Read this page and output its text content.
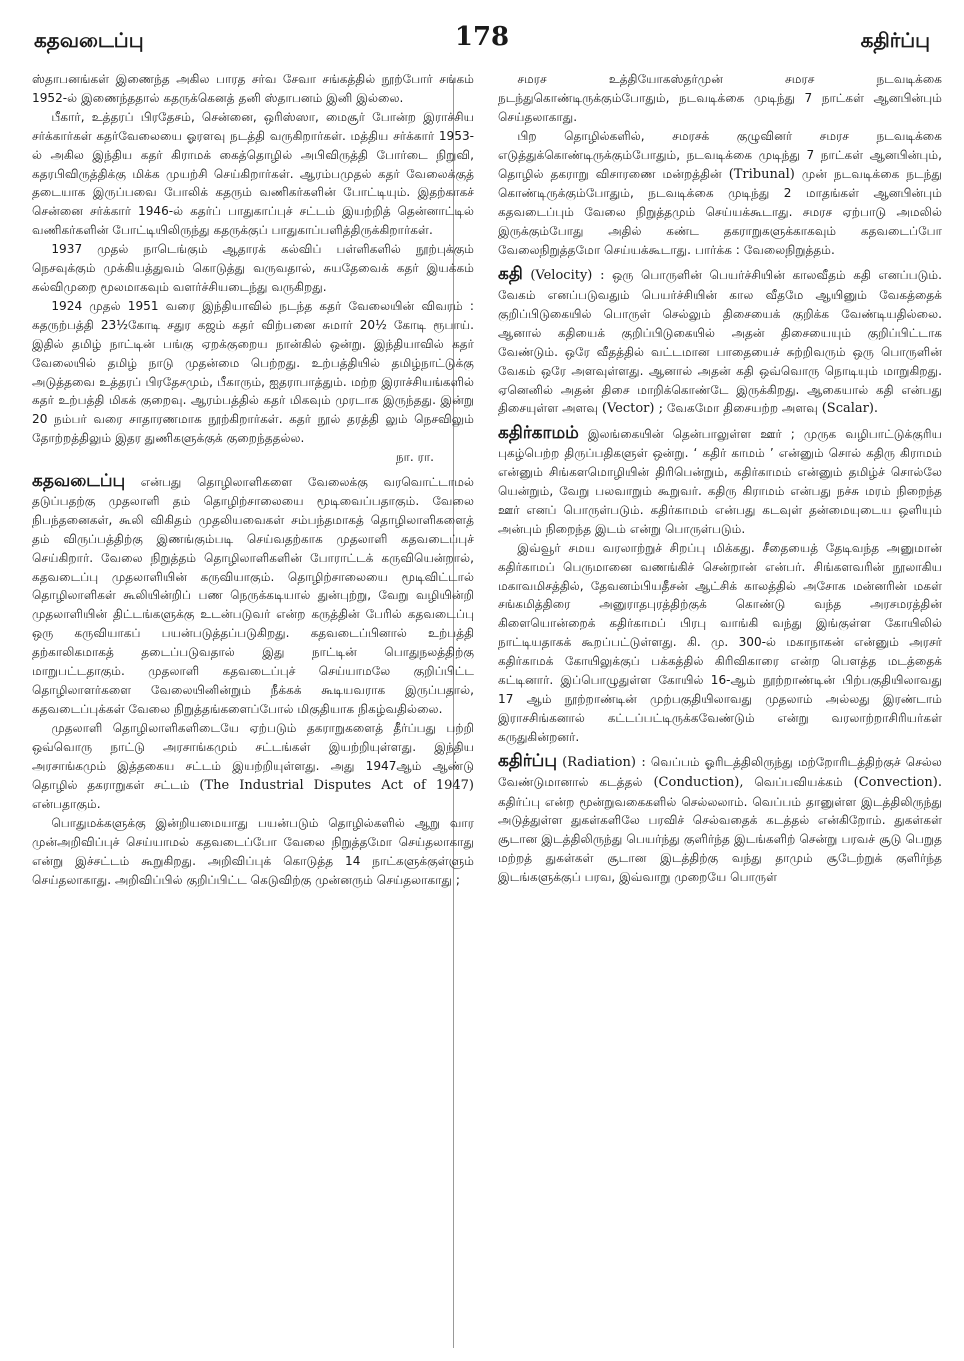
கதவடைப்பு	178	கதிர்ப்பு

ஸ்தாபனங்கள் இணைந்த அகில பாரத சர்வ சேவா சங்கத்தில் நூற்போர் சங்கம் 1952-ல் இணைந்ததால் கதருக்கெனத் தனி ஸ்தாபனம் இனி இல்லை.

பீகார், உத்தரப் பிரதேசம், சென்னை, ஒரிஸ்ஸா, மைசூர் போன்ற இராச்சிய சர்க்கார்கள் கதர்வேலையை ஓரளவு நடத்தி வருகிறார்கள். மத்திய சர்க்கார் 1953-ல் அகில இந்திய கதர் கிராமக் கைத்தொழில் அபிவிருத்தி போர்டை நிறுவி, கதரபிவிருத்திக்கு மிக்க முயற்சி செய்கிறார்கள். ஆரம்பமுதல் கதர் வேலைக்குத் தடையாக இருப்பவை போலிக் கதரும் வணிகர்களின் போட்டியும். இதற்காகச் சென்னை சர்க்கார் 1946-ல் கதர்ப் பாதுகாப்புச் சட்டம் இயற்றித் தென்னாட்டில் வணிகர்களின் போட்டியிலிருந்து கதருக்குப் பாதுகாப்பளித்திருக்கிறார்கள்.

1937 முதல் நாடெங்கும் ஆதாரக் கல்விப் பள்ளிகளில் நூற்புக்கும் நெசவுக்கும் முக்கியத்துவம் கொடுத்து வருவதால், சுயதேவைக் கதர் இயக்கம் கல்விமுறை மூலமாகவும் வளர்ச்சியடைந்து வருகிறது.

1924 முதல் 1951 வரை இந்தியாவில் நடந்த கதர் வேலையின் விவரம் : கதருற்பத்தி 23½கோடி சதுர கஜம் கதர் விற்பனை சுமார் 20½ கோடி ரூபாய். இதில் தமிழ் நாட்டின் பங்கு ஏறக்குறைய நான்கில் ஒன்று. இந்தியாவில் கதர் வேலையில் தமிழ் நாடு முதன்மை பெற்றது. உற்பத்தியில் தமிழ்நாட்டுக்கு அடுத்தவை உத்தரப் பிரதேசமும், பீகாரும், ஐதராபாத்தும். மற்ற இராச்சியங்களில் கதர் உற்பத்தி மிகக் குறைவு. ஆரம்பத்தில் கதர் மிகவும் முரடாக இருந்தது. இன்று 20 நம்பர் வரை சாதாரணமாக நூற்கிறார்கள். கதர் நூல் தரத்தி லும் நெசவிலும் தோற்றத்திலும் இதர துணிகளுக்குக் குறைந்ததல்ல.

நா. ரா.

கதவடைப்பு என்பது தொழிலாளிகளை வேலைக்கு வரவொட்டாமல் தடுப்பதற்கு முதலாளி தம் தொழிற்சாலையை மூடிவைப்பதாகும். வேலை நிபந்தனைகள், கூலி விகிதம் முதலியவைகள் சம்பந்தமாகத் தொழிலாளிகளைத் தம் விருப்பத்திற்கு இணங்கும்படி செய்வதற்காக முதலாளி கதவடைப்புச் செய்கிறார். வேலை நிறுத்தம் தொழிலாளிகளின் போராட்டக் கருவியென்றால், கதவடைப்பு முதலாளியின் கருவியாகும். தொழிற்சாலையை மூடிவிட்டால் தொழிலாளிகள் கூலியின்றிப் பண நெருக்கடியால் துன்புற்று, வேறு வழியின்றி முதலாளியின் திட்டங்களுக்கு உடன்படுவர் என்ற கருத்தின் பேரில் கதவடைப்பு ஒரு கருவியாகப் பயன்படுத்தப்படுகிறது. கதவடைப்பினால் உற்பத்தி தற்காலிகமாகத் தடைப்படுவதால் இது நாட்டின் பொதுநலத்திற்கு மாறுபட்டதாகும். முதலாளி கதவடைப்புச் செய்யாமலே குறிப்பிட்ட தொழிலாளர்களை வேலையினின்றும் நீக்கக் கூடியவராக இருப்பதால், கதவடைப்புக்கள் வேலை நிறுத்தங்களைப்போல் மிகுதியாக நிகழ்வதில்லை.

முதலாளி தொழிலாளிகளிடையே ஏற்படும் தகராறுகளைத் தீர்ப்பது பற்றி ஒவ்வொரு நாட்டு அரசாங்கமும் சட்டங்கள் இயற்றியுள்ளது. இந்திய அரசாங்கமும் இத்தகைய சட்டம் இயற்றியுள்ளது. அது 1947ஆம் ஆண்டு தொழில் தகராறுகள் சட்டம் (The Industrial Disputes Act of 1947) என்பதாகும்.

பொதுமக்களுக்கு இன்றியமையாது பயன்படும் தொழில்களில் ஆறு வார முன்அறிவிப்புச் செய்யாமல் கதவடைப்போ வேலை நிறுத்தமோ செய்தலாகாது என்று இச்சட்டம் கூறுகிறது. அறிவிப்புக் கொடுத்த 14 நாட்களுக்குள்ளும் செய்தலாகாது. அறிவிப்பில் குறிப்பிட்ட கெடுவிற்கு முன்னரும் செய்தலாகாது ;

சமரச உத்தியோகஸ்தர்முன் சமரச நடவடிக்கை நடந்துகொண்டிருக்கும்போதும், நடவடிக்கை முடிந்து 7 நாட்கள் ஆனபின்பும் செய்தலாகாது.

பிற தொழில்களில், சமரசக் குழுவினர் சமரச நடவடிக்கை எடுத்துக்கொண்டிருக்கும்போதும், நடவடிக்கை முடிந்து 7 நாட்கள் ஆனபின்பும், தொழில் தகராறு விசாரணை மன்றத்தின் (Tribunal) முன் நடவடிக்கை நடந்து கொண்டிருக்கும்போதும், நடவடிக்கை முடிந்து 2 மாதங்கள் ஆனபின்பும் கதவடைப்பும் வேலை நிறுத்தமும் செய்யக்கூடாது. சமரச ஏற்பாடு அமலில் இருக்கும்போது அதில் கண்ட தகராறுகளுக்காகவும் கதவடைப்போ வேலைநிறுத்தமோ செய்யக்கூடாது. பார்க்க : வேலைநிறுத்தம்.

கதி (Velocity) : ஒரு பொருளின் பெயர்ச்சியின் காலவீதம் கதி எனப்படும். வேகம் எனப்படுவதும் பெயர்ச்சியின் கால வீதமே ஆயினும் வேகத்தைக் குறிப்பிடுகையில் பொருள் செல்லும் திசையைக் குறிக்க வேண்டியதில்லை. ஆனால் கதியைக் குறிப்பிடுகையில் அதன் திசையையும் குறிப்பிட்டாக வேண்டும். ஒரே வீதத்தில் வட்டமான பாதையைச் சுற்றிவரும் ஒரு பொருளின் வேகம் ஒரே அளவுள்ளது. ஆனால் அதன் கதி ஒவ்வொரு நொடியும் மாறுகிறது. ஏனெனில் அதன் திசை மாறிக்கொண்டே இருக்கிறது. ஆகையால் கதி என்பது திசையுள்ள அளவு (Vector) ; வேகமோ திசையற்ற அளவு (Scalar).

கதிர்காமம் இலங்கையின் தென்பாலுள்ள ஊர் ; முருக வழிபாட்டுக்குரிய புகழ்பெற்ற திருப்பதிகளுள் ஒன்று. ‘ கதிர் காமம் ’ என்னும் சொல் கதிரு கிராமம் என்னும் சிங்களமொழியின் திரிபென்றும், கதிர்காமம் என்னும் தமிழ்ச் சொல்லே யென்றும், வேறு பலவாறும் கூறுவர். கதிரு கிராமம் என்பது நச்சு மரம் நிறைந்த ஊர் எனப் பொருள்படும். கதிர்காமம் என்பது கடவுள் தன்மையுடைய ஒளியும் அன்பும் நிறைந்த இடம் என்று பொருள்படும்.

இவ்வூர் சமய வரலாற்றுச் சிறப்பு மிக்கது. சீதையைத் தேடிவந்த அனுமான் கதிர்காமப் பெருமானை வணங்கிச் சென்றான் என்பர். சிங்களவரின் நூலாகிய மகாவமிசத்தில், தேவனம்பியதீசன் ஆட்சிக் காலத்தில் அசோக மன்னரின் மகள் சங்கமித்திரை அனுராதபுரத்திற்குக் கொண்டு வந்த அரசமரத்தின் கிளையொன்றைக் கதிர்காமப் பிரபு வாங்கி வந்து இங்குள்ள கோயிலில் நாட்டியதாகக் கூறப்பட்டுள்ளது. கி. மு. 300-ல் மகாநாகன் என்னும் அரசர் கதிர்காமக் கோயிலுக்குப் பக்கத்தில் கிரிவிகாரை என்ற பௌத்த மடத்தைக் கட்டினார். இப்பொழுதுள்ள கோயில் 16-ஆம் நூற்றாண்டின் பிற்பகுதியிலாவது 17 ஆம் நூற்றாண்டின் முற்பகுதியிலாவது முதலாம் அல்லது இரண்டாம் இராசசிங்கனால் கட்டப்பட்டிருக்கவேண்டும் என்று வரலாற்றாசிரியர்கள் கருதுகின்றனர்.

கதிர்ப்பு (Radiation) : வெப்பம் ஓரிடத்திலிருந்து மற்றோரிடத்திற்குச் செல்ல வேண்டுமானால் கடத்தல் (Conduction), வெப்பவியக்கம் (Convection). கதிர்ப்பு என்ற மூன்றுவகைகளில் செல்லலாம். வெப்பம் தானுள்ள இடத்திலிருந்து அடுத்துள்ள துகள்களிலே பரவிச் செல்வதைக் கடத்தல் என்கிறோம். துகள்கள் சூடான இடத்திலிருந்து பெயர்ந்து குளிர்ந்த இடங்களிற் சென்று பரவச் சூடு பெறுத மற்றத் துகள்கள் சூடான இடத்திற்கு வந்து தாமும் சூடேற்றுக் குளிர்ந்த இடங்களுக்குப் பரவ, இவ்வாறு முறையே பொருள்
